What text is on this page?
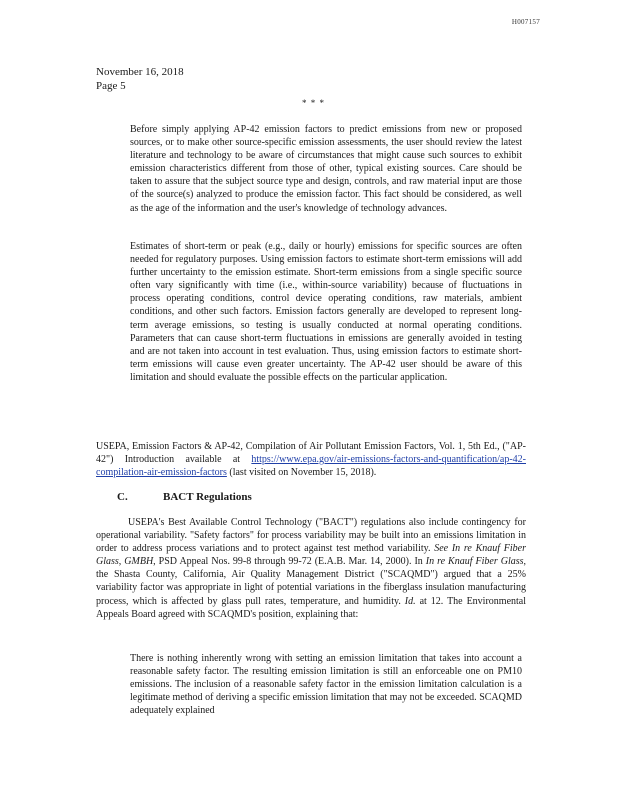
H007157
November 16, 2018
Page 5
* * *
Before simply applying AP-42 emission factors to predict emissions from new or proposed sources, or to make other source-specific emission assessments, the user should review the latest literature and technology to be aware of circumstances that might cause such sources to exhibit emission characteristics different from those of other, typical existing sources. Care should be taken to assure that the subject source type and design, controls, and raw material input are those of the source(s) analyzed to produce the emission factor. This fact should be considered, as well as the age of the information and the user's knowledge of technology advances.
Estimates of short-term or peak (e.g., daily or hourly) emissions for specific sources are often needed for regulatory purposes. Using emission factors to estimate short-term emissions will add further uncertainty to the emission estimate. Short-term emissions from a single specific source often vary significantly with time (i.e., within-source variability) because of fluctuations in process operating conditions, control device operating conditions, raw materials, ambient conditions, and other such factors. Emission factors generally are developed to represent long-term average emissions, so testing is usually conducted at normal operating conditions. Parameters that can cause short-term fluctuations in emissions are generally avoided in testing and are not taken into account in test evaluation. Thus, using emission factors to estimate short-term emissions will cause even greater uncertainty. The AP-42 user should be aware of this limitation and should evaluate the possible effects on the particular application.
USEPA, Emission Factors & AP-42, Compilation of Air Pollutant Emission Factors, Vol. 1, 5th Ed., ("AP-42") Introduction available at https://www.epa.gov/air-emissions-factors-and-quantification/ap-42-compilation-air-emission-factors (last visited on November 15, 2018).
C.	BACT Regulations
USEPA's Best Available Control Technology ("BACT") regulations also include contingency for operational variability. "Safety factors" for process variability may be built into an emissions limitation in order to address process variations and to protect against test method variability. See In re Knauf Fiber Glass, GMBH, PSD Appeal Nos. 99-8 through 99-72 (E.A.B. Mar. 14, 2000). In In re Knauf Fiber Glass, the Shasta County, California, Air Quality Management District ("SCAQMD") argued that a 25% variability factor was appropriate in light of potential variations in the fiberglass insulation manufacturing process, which is affected by glass pull rates, temperature, and humidity. Id. at 12. The Environmental Appeals Board agreed with SCAQMD's position, explaining that:
There is nothing inherently wrong with setting an emission limitation that takes into account a reasonable safety factor. The resulting emission limitation is still an enforceable one on PM10 emissions. The inclusion of a reasonable safety factor in the emission limitation calculation is a legitimate method of deriving a specific emission limitation that may not be exceeded. SCAQMD adequately explained
